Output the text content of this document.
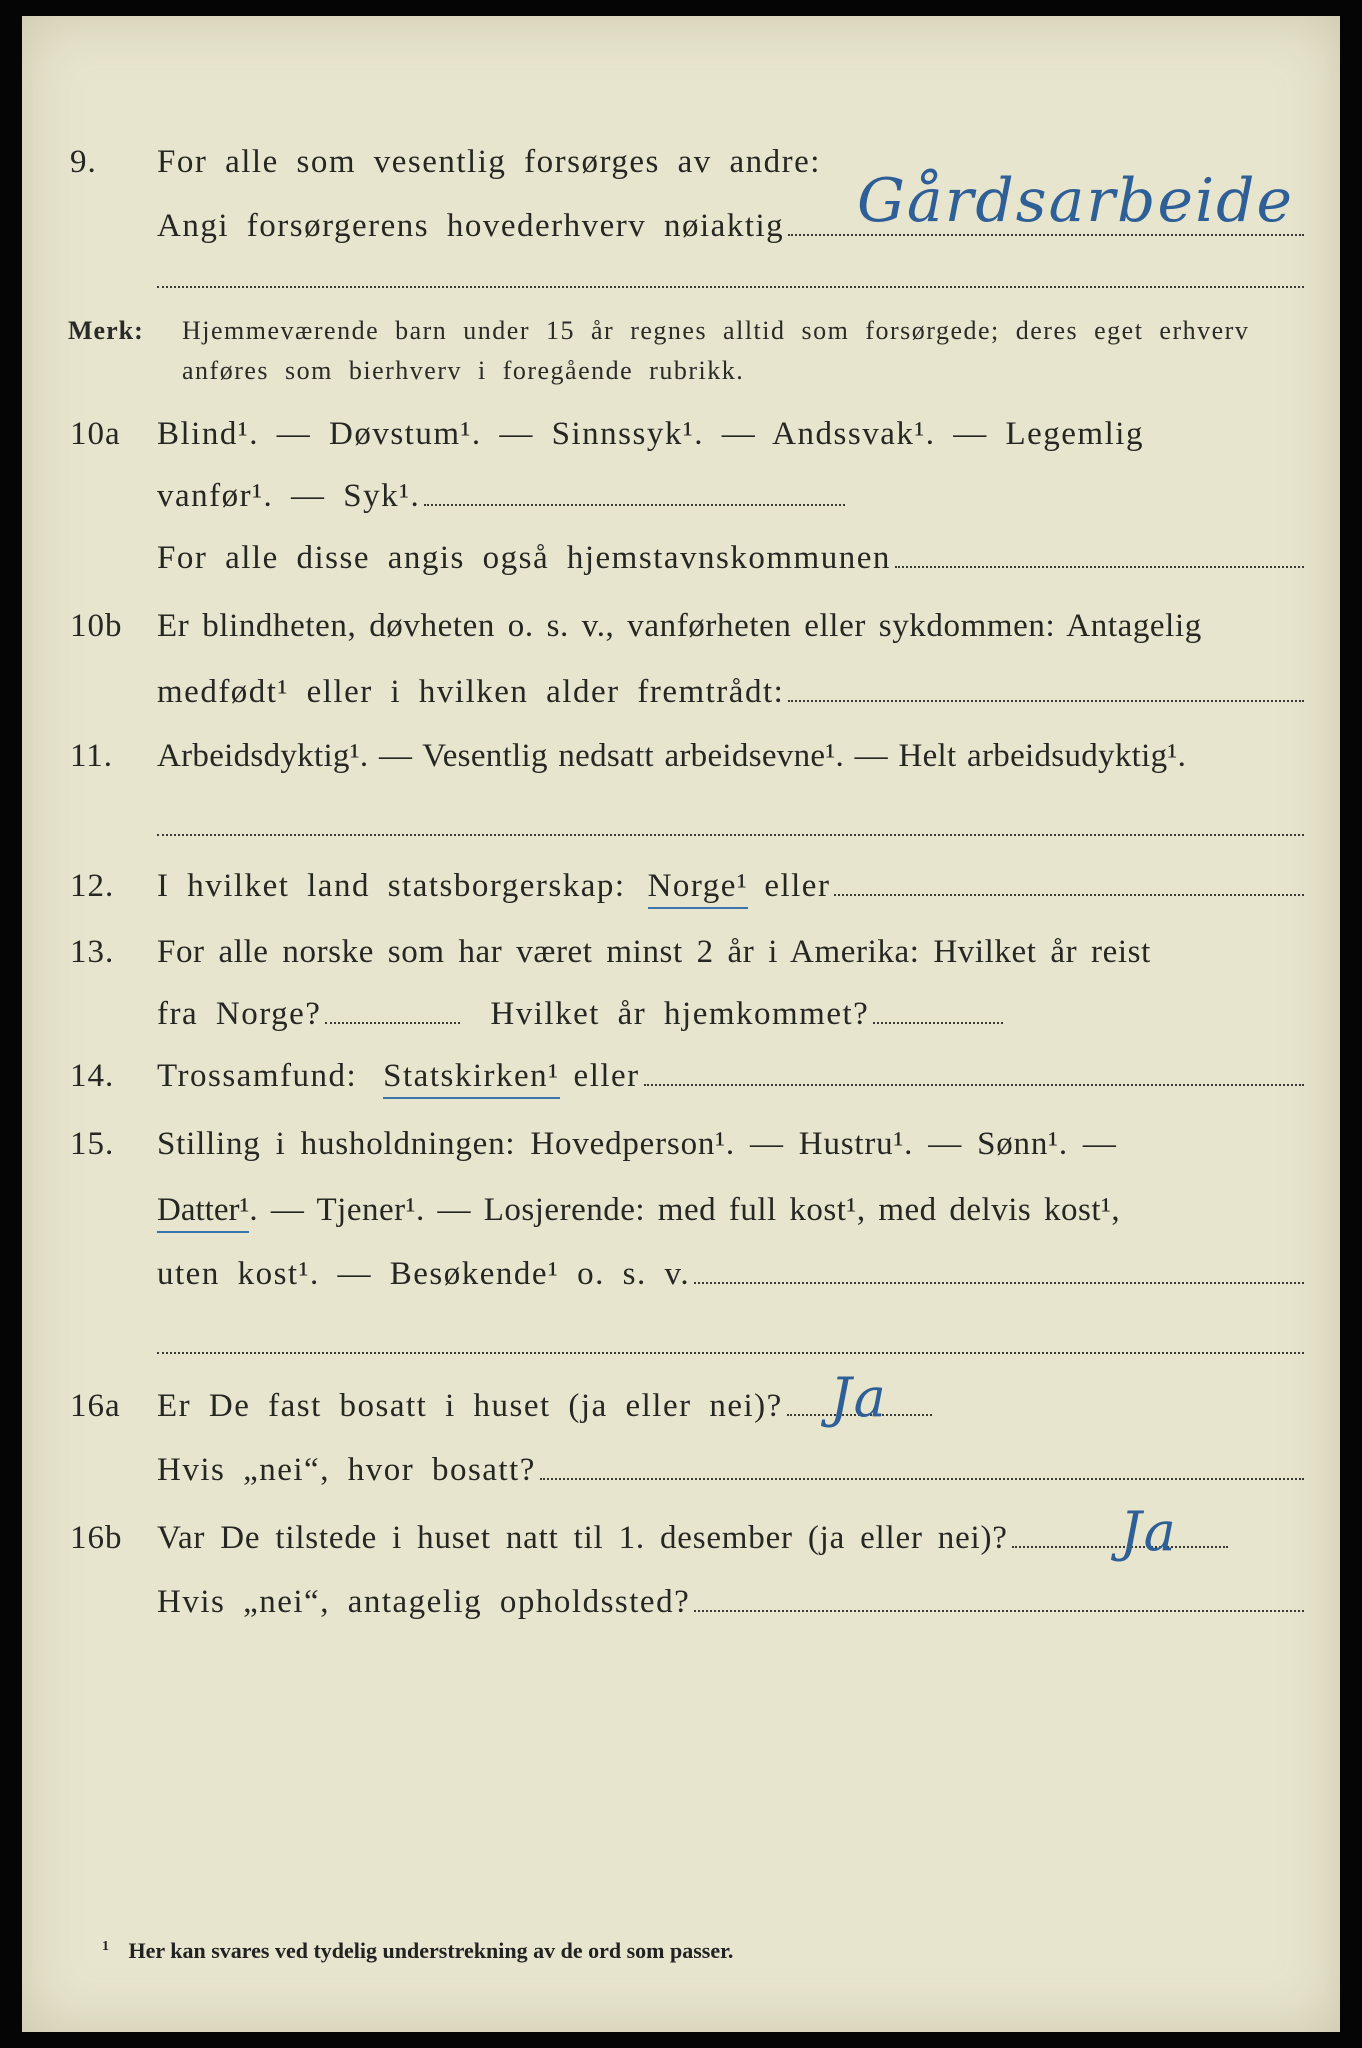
9. For alle som vesentlig forsørges av andre:
Angi forsørgerens hovederhverv nøiaktig Gårdsarbeide
Merk: Hjemmeværende barn under 15 år regnes alltid som forsørgede; deres eget erhverv
anføres som bierhverv i foregående rubrikk.
10a Blind¹. — Døvstum¹. — Sinnssyk¹. — Andssvak¹. — Legemlig
vanfør¹. — Syk¹.
For alle disse angis også hjemstavnskommunen
10b Er blindheten, døvheten o. s. v., vanførheten eller sykdommen: Antagelig
medfødt¹ eller i hvilken alder fremtrådt:
11. Arbeidsdyktig¹. — Vesentlig nedsatt arbeidsevne¹. — Helt arbeidsudyktig¹.
12. I hvilket land statsborgerskap: Norge¹ eller
13. For alle norske som har været minst 2 år i Amerika: Hvilket år reist
fra Norge?	Hvilket år hjemkommet?
14. Trossamfund: Statskirken¹ eller
15. Stilling i husholdningen: Hovedperson¹. — Hustru¹. — Sønn¹. —
Datter¹ . — Tjener¹. — Losjerende: med full kost¹, med delvis kost¹,
uten kost¹. — Besøkende¹ o. s. v.
16a Er De fast bosatt i huset (ja eller nei)? Ja
Hvis „nei“, hvor bosatt?
16b Var De tilstede i huset natt til 1. desember (ja eller nei)? Ja
Hvis „nei“, antagelig opholdssted?
$^1$ Her kan svares ved tydelig understrekning av de ord som passer.
